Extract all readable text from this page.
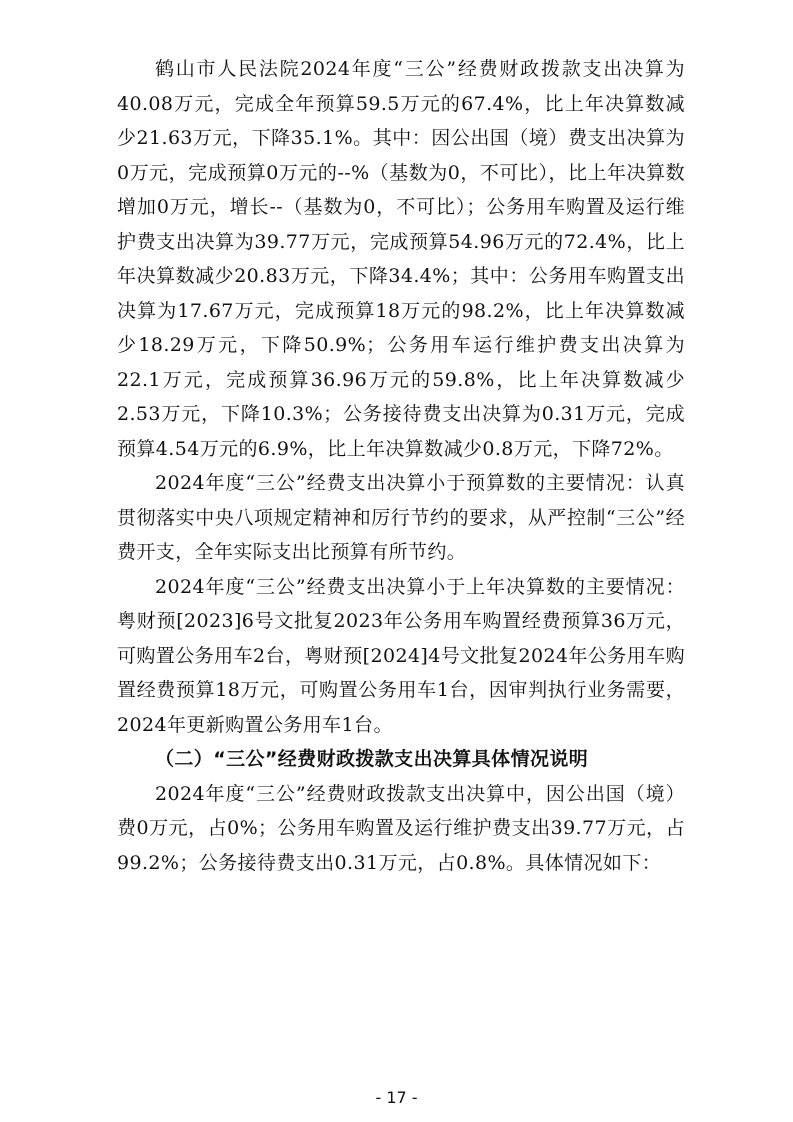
鹤山市人民法院2024年度“三公”经费财政拨款支出决算为40.08万元，完成全年预算59.5万元的67.4%，比上年决算数减少21.63万元，下降35.1%。其中：因公出国（境）费支出决算为0万元，完成预算0万元的--%（基数为0，不可比），比上年决算数增加0万元，增长--（基数为0，不可比）；公务用车购置及运行维护费支出决算为39.77万元，完成预算54.96万元的72.4%，比上年决算数减少20.83万元，下降34.4%；其中：公务用车购置支出决算为17.67万元，完成预算18万元的98.2%，比上年决算数减少18.29万元，下降50.9%；公务用车运行维护费支出决算为22.1万元，完成预算36.96万元的59.8%，比上年决算数减少2.53万元，下降10.3%；公务接待费支出决算为0.31万元，完成预算4.54万元的6.9%，比上年决算数减少0.8万元，下降72%。

2024年度“三公”经费支出决算小于预算数的主要情况：认真贯彻落实中央八项规定精神和厉行节约的要求，从严控制“三公”经费开支，全年实际支出比预算有所节约。

2024年度“三公”经费支出决算小于上年决算数的主要情况：粤财预[2023]6号文批复2023年公务用车购置经费预算36万元，可购置公务用车2台，粤财预[2024]4号文批复2024年公务用车购置经费预算18万元，可购置公务用车1台，因审判执行业务需要，2024年更新购置公务用车1台。

（二）“三公”经费财政拨款支出决算具体情况说明

2024年度“三公”经费财政拨款支出决算中，因公出国（境）费0万元，占0%；公务用车购置及运行维护费支出39.77万元，占99.2%；公务接待费支出0.31万元，占0.8%。具体情况如下：

- 17 -
